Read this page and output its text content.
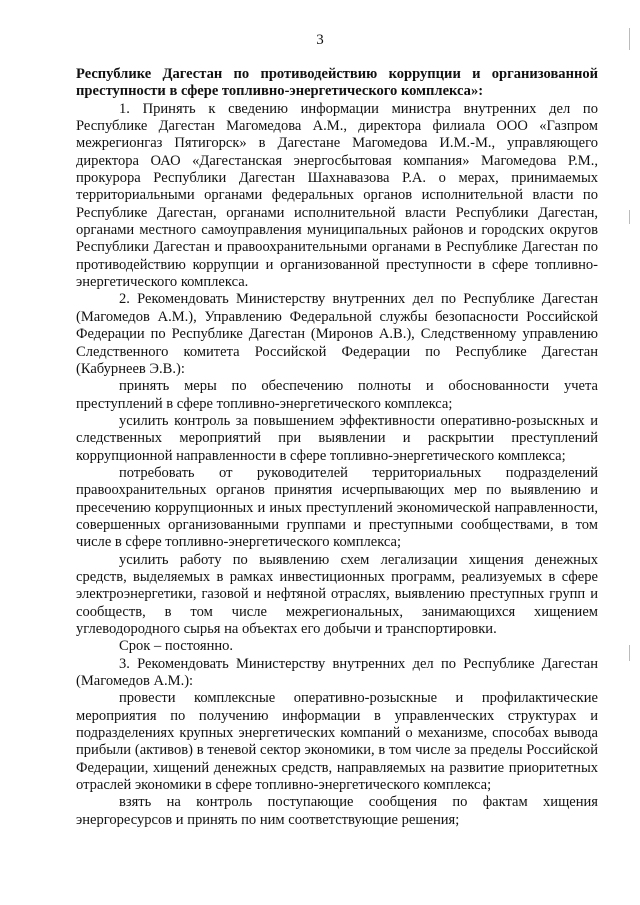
3

Республике Дагестан по противодействию коррупции и организованной преступности в сфере топливно-энергетического комплекса»:

1. Принять к сведению информации министра внутренних дел по Республике Дагестан Магомедова А.М., директора филиала ООО «Газпром межрегионгаз Пятигорск» в Дагестане Магомедова И.М.-М., управляющего директора ОАО «Дагестанская энергосбытовая компания» Магомедова Р.М., прокурора Республики Дагестан Шахнавазова Р.А. о мерах, принимаемых территориальными органами федеральных органов исполнительной власти по Республике Дагестан, органами исполнительной власти Республики Дагестан, органами местного самоуправления муниципальных районов и городских округов Республики Дагестан и правоохранительными органами в Республике Дагестан по противодействию коррупции и организованной преступности в сфере топливно-энергетического комплекса.

2. Рекомендовать Министерству внутренних дел по Республике Дагестан (Магомедов А.М.), Управлению Федеральной службы безопасности Российской Федерации по Республике Дагестан (Миронов А.В.), Следственному управлению Следственного комитета Российской Федерации по Республике Дагестан (Кабурнеев Э.В.):

принять меры по обеспечению полноты и обоснованности учета преступлений в сфере топливно-энергетического комплекса;

усилить контроль за повышением эффективности оперативно-розыскных и следственных мероприятий при выявлении и раскрытии преступлений коррупционной направленности в сфере топливно-энергетического комплекса;

потребовать от руководителей территориальных подразделений правоохранительных органов принятия исчерпывающих мер по выявлению и пресечению коррупционных и иных преступлений экономической направленности, совершенных организованными группами и преступными сообществами, в том числе в сфере топливно-энергетического комплекса;

усилить работу по выявлению схем легализации хищения денежных средств, выделяемых в рамках инвестиционных программ, реализуемых в сфере электроэнергетики, газовой и нефтяной отраслях, выявлению преступных групп и сообществ, в том числе межрегиональных, занимающихся хищением углеводородного сырья на объектах его добычи и транспортировки.

Срок – постоянно.

3. Рекомендовать Министерству внутренних дел по Республике Дагестан (Магомедов А.М.):

провести комплексные оперативно-розыскные и профилактические мероприятия по получению информации в управленческих структурах и подразделениях крупных энергетических компаний о механизме, способах вывода прибыли (активов) в теневой сектор экономики, в том числе за пределы Российской Федерации, хищений денежных средств, направляемых на развитие приоритетных отраслей экономики в сфере топливно-энергетического комплекса;

взять на контроль поступающие сообщения по фактам хищения энергоресурсов и принять по ним соответствующие решения;
